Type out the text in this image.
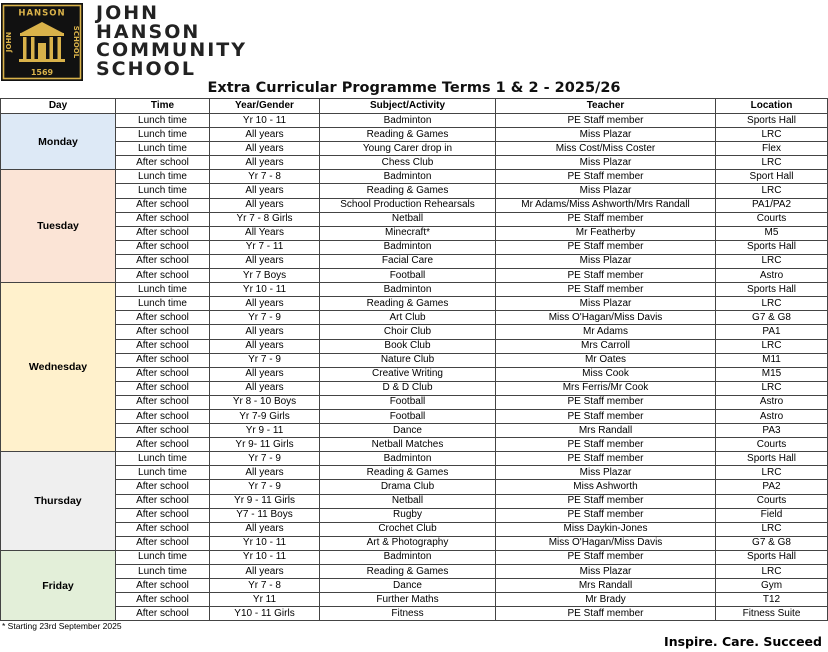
HANSON
JOHN	SCHOOL
1569
JOHN
HANSON
COMMUNITY
SCHOOL
Extra Curricular Programme Terms 1 & 2 - 2025/26
Day	Time	Year/Gender	Subject/Activity	Teacher	Location
Monday	Lunch time	Yr 10 - 11	Badminton	PE Staff member	Sports Hall
	Lunch time	All years	Reading & Games	Miss Plazar	LRC
	Lunch time	All years	Young Carer drop in	Miss Cost/Miss Coster	Flex
	After school	All years	Chess Club	Miss Plazar	LRC
Tuesday	Lunch time	Yr 7 - 8	Badminton	PE Staff member	Sport Hall
	Lunch time	All years	Reading & Games	Miss Plazar	LRC
	After school	All years	School Production Rehearsals	Mr Adams/Miss Ashworth/Mrs Randall	PA1/PA2
	After school	Yr 7 - 8 Girls	Netball	PE Staff member	Courts
	After school	All Years	Minecraft*	Mr Featherby	M5
	After school	Yr 7 - 11	Badminton	PE Staff member	Sports Hall
	After school	All years	Facial Care	Miss Plazar	LRC
	After school	Yr 7 Boys	Football	PE Staff member	Astro
Wednesday	Lunch time	Yr 10 - 11	Badminton	PE Staff member	Sports Hall
	Lunch time	All years	Reading & Games	Miss Plazar	LRC
	After school	Yr 7 - 9	Art Club	Miss O'Hagan/Miss Davis	G7 & G8
	After school	All years	Choir Club	Mr Adams	PA1
	After school	All years	Book Club	Mrs Carroll	LRC
	After school	Yr 7 - 9	Nature Club	Mr Oates	M11
	After school	All years	Creative Writing	Miss Cook	M15
	After school	All years	D & D Club	Mrs Ferris/Mr Cook	LRC
	After school	Yr 8 - 10 Boys	Football	PE Staff member	Astro
	After school	Yr 7-9 Girls	Football	PE Staff member	Astro
	After school	Yr 9 - 11	Dance	Mrs Randall	PA3
	After school	Yr 9- 11 Girls	Netball Matches	PE Staff member	Courts
Thursday	Lunch time	Yr 7 - 9	Badminton	PE Staff member	Sports Hall
	Lunch time	All years	Reading & Games	Miss Plazar	LRC
	After school	Yr 7 - 9	Drama Club	Miss Ashworth	PA2
	After school	Yr 9 - 11 Girls	Netball	PE Staff member	Courts
	After school	Y7 - 11 Boys	Rugby	PE Staff member	Field
	After school	All years	Crochet Club	Miss Daykin-Jones	LRC
	After school	Yr 10 - 11	Art & Photography	Miss O'Hagan/Miss Davis	G7 & G8
Friday	Lunch time	Yr 10 - 11	Badminton	PE Staff member	Sports Hall
	Lunch time	All years	Reading & Games	Miss Plazar	LRC
	After school	Yr 7 - 8	Dance	Mrs Randall	Gym
	After school	Yr 11	Further Maths	Mr Brady	T12
	After school	Y10 - 11 Girls	Fitness	PE Staff member	Fitness Suite
* Starting 23rd September 2025
Inspire. Care. Succeed
